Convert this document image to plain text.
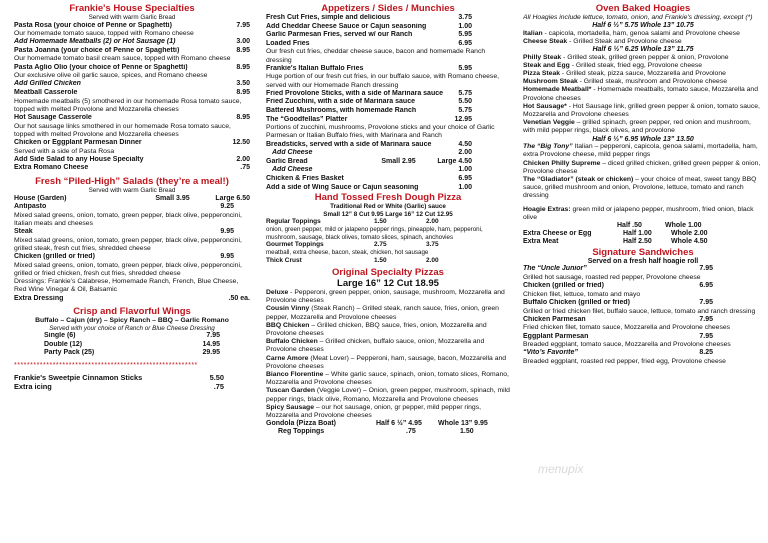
Frankie's House Specialties
Served with warm Garlic Bread
Pasta Rosa (your choice of Penne or Spaghetti)	7.95
Our homemade tomato sauce, topped with Romano cheese
Add Homemade Meatballs (2) or Hot Sausage (1)	3.00
Pasta Joanna (your choice of Penne or Spaghetti)	8.95
Our homemade tomato basil cream sauce, topped with Romano cheese
Pasta Aglio Olio (your choice of Penne or Spaghetti)	8.95
Our exclusive olive oil garlic sauce, spices, and Romano cheese
Add Grilled Chicken	3.50
Meatball Casserole	8.95
Homemade meatballs (5) smothered in our homemade Rosa tomato sauce, topped with melted Provolone and Mozzarella cheeses
Hot Sausage Casserole	8.95
Our hot sausage links smothered in our homemade Rosa tomato sauce, topped with melted Provolone and Mozzarella cheeses
Chicken or Eggplant Parmesan Dinner	12.50
Served with a side of Pasta Rosa
Add Side Salad to any House Specialty	2.00
Extra Romano Cheese	.75
Fresh “Piled-High” Salads (they’re a meal!)
Served with warm Garlic Bread
House (Garden)	Small 3.95	Large 6.50
Antipasto	9.25
Mixed salad greens, onion, tomato, green pepper, black olive, pepperoncini, Italian meats and cheeses
Steak	9.95
Mixed salad greens, onion, tomato, green pepper, black olive, pepperoncini, grilled steak, fresh cut fries, shredded cheese
Chicken (grilled or fried)	9.95
Mixed salad greens, onion, tomato, green pepper, black olive, pepperoncini, grilled or fried chicken, fresh cut fries, shredded cheese
Dressings: Frankie’s Calabrese, Homemade Ranch, French, Blue Cheese, Red Wine Vinegar & Oil, Balsamic
Extra Dressing	.50 ea.
Crisp and Flavorful Wings
Buffalo – Cajun (dry) – Spicy Ranch – BBQ – Garlic Romano
Served with your choice of Ranch or Blue Cheese Dressing
Single (6)	7.95
Double (12)	14.95
Party Pack (25)	29.95
*********************************************************
Frankie's Sweetpie Cinnamon Sticks	5.50
Extra icing	.75
Appetizers / Sides / Munchies
Fresh Cut Fries, simple and delicious	3.75
Add Cheddar Cheese Sauce or Cajun seasoning	1.00
Garlic Parmesan Fries, served w/ our Ranch	5.95
Loaded Fries	6.95
Our fresh cut fries, cheddar cheese sauce, bacon and homemade Ranch dressing
Frankie's Italian Buffalo Fries	5.95
Huge portion of our fresh cut fries, in our buffalo sauce, with Romano cheese, served with our Homemade Ranch dressing
Fried Provolone Sticks, with a side of Marinara sauce	5.75
Fried Zucchini, with a side of Marinara sauce	5.50
Battered Mushrooms, with homemade Ranch	5.75
The “Goodfellas” Platter	12.95
Portions of zucchini, mushrooms, Provolone sticks and your choice of Garlic Parmesan or Italian Buffalo fries, with Marinara and Ranch
Breadsticks, served with a side of Marinara sauce	4.50
Add Cheese	2.00
Garlic Bread	Small 2.95	Large 4.50
Add Cheese	1.00
Chicken & Fries Basket	6.95
Add a side of Wing Sauce or Cajun seasoning	1.00
Hand Tossed Fresh Dough Pizza
Traditional Red or White (Garlic) sauce
Small 12” 8 Cut 9.95 Large 16” 12 Cut 12.95
Regular Toppings	1.50	2.00
onion, green pepper, mild or jalapeno pepper rings, pineapple, ham, pepperoni, mushroom, sausage, black olives, tomato slices, spinach, anchovies
Gourmet Toppings	2.75	3.75
meatball, extra cheese, bacon, steak, chicken, hot sausage
Thick Crust	1.50	2.00
Original Specialty Pizzas
Large 16” 12 Cut 18.95
Deluxe - Pepperoni, green pepper, onion, sausage, mushroom, Mozzarella and Provolone cheeses
Cousin Vinny (Steak Ranch) – Grilled steak, ranch sauce, fries, onion, green pepper, Mozzarella and Provolone cheeses
BBQ Chicken – Grilled chicken, BBQ sauce, fries, onion, Mozzarella and Provolone cheeses
Buffalo Chicken – Grilled chicken, buffalo sauce, onion, Mozzarella and Provolone cheeses
Carne Amore (Meat Lover) – Pepperoni, ham, sausage, bacon, Mozzarella and Provolone cheeses
Bianco Florentine – White garlic sauce, spinach, onion, tomato slices, Romano, Mozzarella and Provolone cheeses
Tuscan Garden (Veggie Lover) – Onion, green pepper, mushroom, spinach, mild pepper rings, black olive, Romano, Mozzarella and Provolone cheeses
Spicy Sausage – our hot sausage, onion, gr pepper, mild pepper rings, Mozzarella and Provolone cheeses
Gondola (Pizza Boat)	Half 6 ½” 4.95	Whole 13” 9.95
Reg Toppings	.75	1.50
Oven Baked Hoagies
All Hoagies include lettuce, tomato, onion, and Frankie's dressing, except (*)
Half 6 ½” 5.75 Whole 13” 10.75
Italian - capicola, mortadella, ham, genoa salami and Provolone cheese
Cheese Steak - Grilled Steak and Provolone cheese
Half 6 ½” 6.25 Whole 13” 11.75
Philly Steak - Grilled steak, grilled green pepper & onion, Provolone
Steak and Egg - Grilled steak, fried egg, Provolone cheese
Pizza Steak - Grilled steak, pizza sauce, Mozzarella and Provolone
Mushroom Steak - Grilled steak, mushroom and Provolone cheese
Homemade Meatball* - Homemade meatballs, tomato sauce, Mozzarella and Provolone cheeses
Hot Sausage* - Hot Sausage link, grilled green pepper & onion, tomato sauce, Mozzarella and Provolone cheeses
Venetian Veggie – grilled spinach, green pepper, red onion and mushroom, with mild pepper rings, black olives, and provolone
Half 6 ½” 6.95 Whole 13” 13.50
The “Big Tony” Italian – pepperoni, capicola, genoa salami, mortadella, ham, extra Provolone cheese, mild pepper rings
Chicken Philly Supreme – diced grilled chicken, grilled green pepper & onion, Provolone cheese
The “Gladiator” (steak or chicken) – your choice of meat, sweet tangy BBQ sauce, grilled mushroom and onion, Provolone, lettuce, tomato and ranch dressing
Hoagie Extras: green mild or jalapeno pepper, mushroom, fried onion, black olive
Half .50	Whole 1.00
Extra Cheese or Egg	Half 1.00	Whole 2.00
Extra Meat	Half 2.50	Whole 4.50
Signature Sandwiches
Served on a fresh half hoagie roll
The “Uncle Junior”	7.95
Grilled hot sausage, roasted red pepper, Provolone cheese
Chicken (grilled or fried)	6.95
Chicken filet, lettuce, tomato and mayo
Buffalo Chicken (grilled or fried)	7.95
Grilled or fried chicken filet, buffalo sauce, lettuce, tomato and ranch dressing
Chicken Parmesan	7.95
Fried chicken filet, tomato sauce, Mozzarella and Provolone cheeses
Eggplant Parmesan	7.95
Breaded eggplant, tomato sauce, Mozzarella and Provolone cheeses
“Vito’s Favorite”	8.25
Breaded eggplant, roasted red pepper, fried egg, Provolone cheese
menupix
